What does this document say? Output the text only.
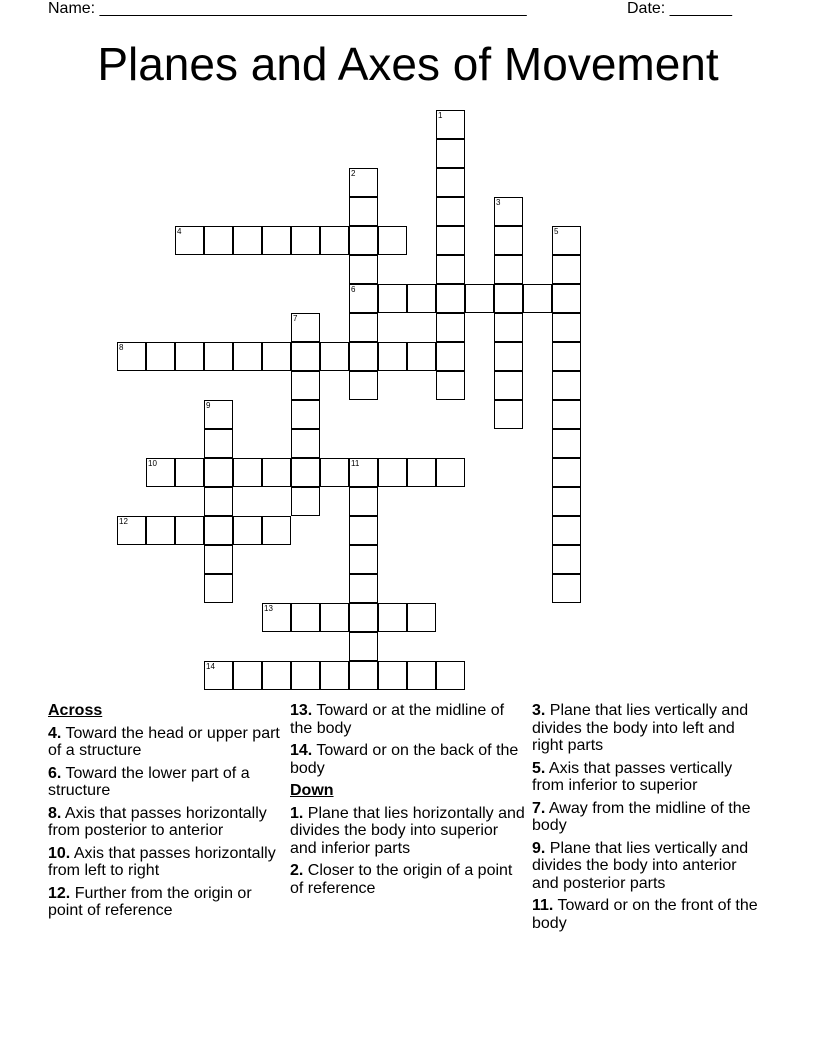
Name: ________________________________________________	Date: _______
Planes and Axes of Movement
1
2
6
3
4	5
7
8
9
10	11
12
13
14
Across
4. Toward the head or upper part of a structure
6. Toward the lower part of a structure
8. Axis that passes horizontally from posterior to anterior
10. Axis that passes horizontally from left to right
12. Further from the origin or point of reference
13. Toward or at the midline of the body
14. Toward or on the back of the body
Down
1. Plane that lies horizontally and divides the body into superior and inferior parts
2. Closer to the origin of a point of reference
3. Plane that lies vertically and divides the body into left and right parts
5. Axis that passes vertically from inferior to superior
7. Away from the midline of the body
9. Plane that lies vertically and divides the body into anterior and posterior parts
11. Toward or on the front of the body
